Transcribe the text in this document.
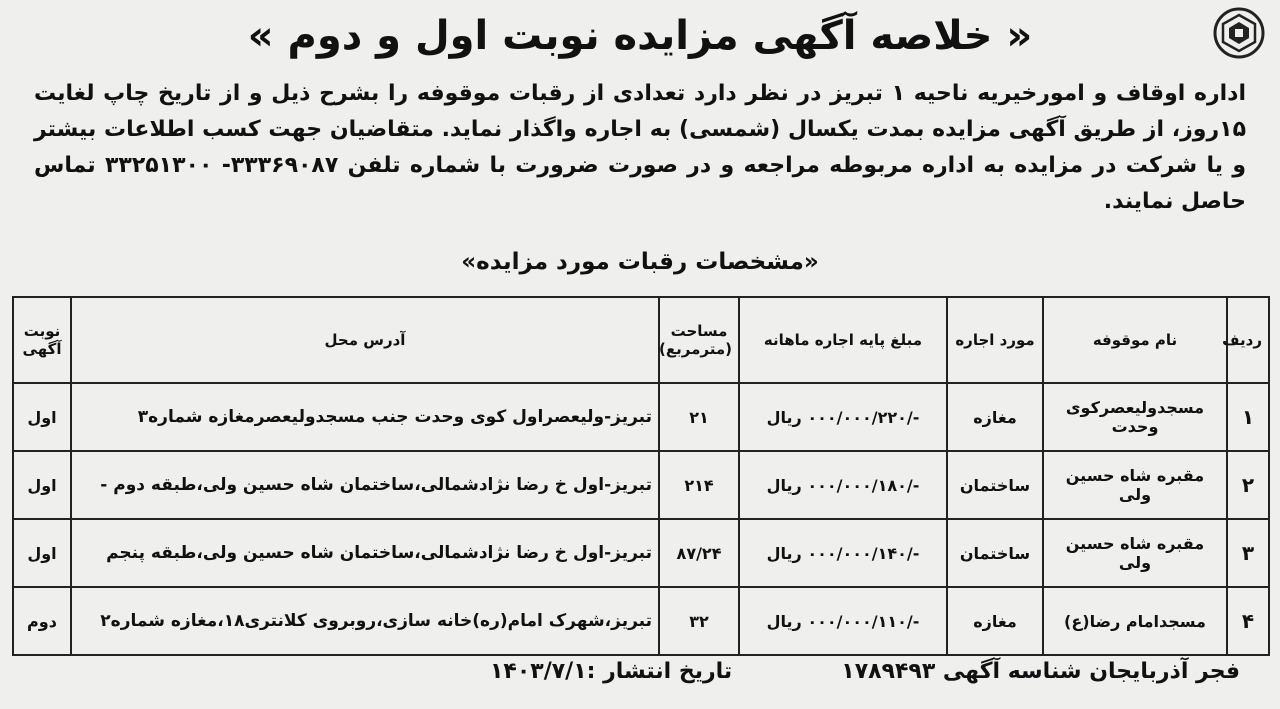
« خلاصه آگهی مزایده نوبت اول و دوم »
اداره اوقاف و امورخیریه ناحیه ۱ تبریز در نظر دارد تعدادی از رقبات موقوفه را بشرح ذیل و از تاریخ چاپ لغایت ۱۵روز، از طریق آگهی مزایده بمدت یکسال (شمسی) به اجاره واگذار نماید. متقاضیان جهت کسب اطلاعات بیشتر و یا شرکت در مزایده به اداره مربوطه مراجعه و در صورت ضرورت با شماره تلفن ۳۳۳۶۹۰۸۷- ۳۳۲۵۱۳۰۰ تماس حاصل نمایند.
«مشخصات رقبات مورد مزایده»
ردیف	نام موقوفه	مورد اجاره	مبلغ پایه اجاره ماهانه	مساحت (مترمربع)	آدرس محل	نوبت آگهی
۱	مسجدولیعصرکوی وحدت	مغازه	-/۰۰۰/۰۰۰/۲۲۰ ریال	۲۱	تبریز-ولیعصراول کوی وحدت جنب مسجدولیعصرمغازه شماره۳	اول
۲	مقبره شاه حسین ولی	ساختمان	-/۰۰۰/۰۰۰/۱۸۰ ریال	۲۱۴	تبریز-اول خ رضا نژادشمالی،ساختمان شاه حسین ولی،طبقه دوم -	اول
۳	مقبره شاه حسین ولی	ساختمان	-/۰۰۰/۰۰۰/۱۴۰ ریال	۸۷/۲۴	تبریز-اول خ رضا نژادشمالی،ساختمان شاه حسین ولی،طبقه پنجم	اول
۴	مسجدامام رضا(ع)	مغازه	-/۰۰۰/۰۰۰/۱۱۰ ریال	۳۲	تبریز،شهرک امام(ره)خانه سازی،روبروی کلانتری۱۸،مغازه شماره۲	دوم
فجر آذربایجان شناسه آگهی ۱۷۸۹۴۹۳
تاریخ انتشار :۱۴۰۳/۷/۱
